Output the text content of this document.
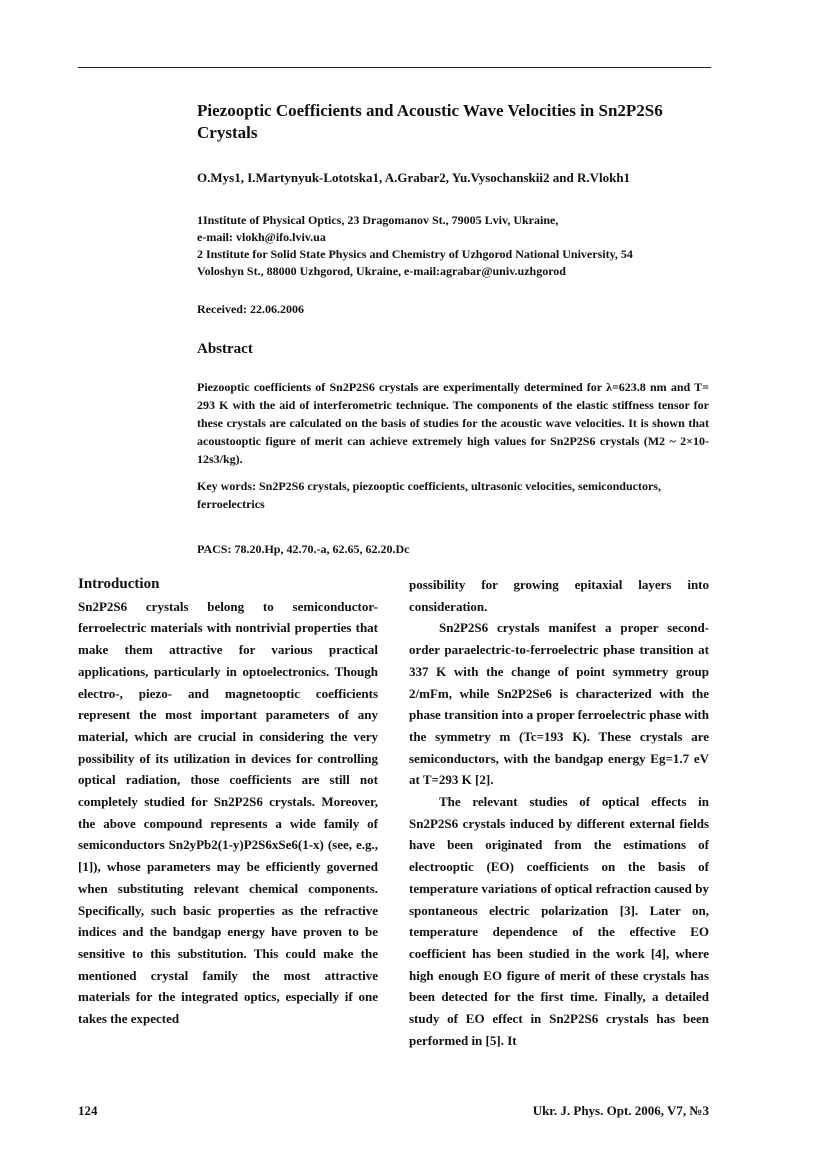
Piezooptic Coefficients and Acoustic Wave Velocities in Sn2P2S6 Crystals
O.Mys1, I.Martynyuk-Lototska1, A.Grabar2, Yu.Vysochanskii2 and R.Vlokh1
1Institute of Physical Optics, 23 Dragomanov St., 79005 Lviv, Ukraine,
e-mail: vlokh@ifo.lviv.ua
2 Institute for Solid State Physics and Chemistry of Uzhgorod National University, 54
Voloshyn St., 88000 Uzhgorod, Ukraine, e-mail:agrabar@univ.uzhgorod
Received: 22.06.2006
Abstract

Piezooptic coefficients of Sn2P2S6 crystals are experimentally determined for λ=623.8 nm and T= 293 K with the aid of interferometric technique. The components of the elastic stiffness tensor for these crystals are calculated on the basis of studies for the acoustic wave velocities. It is shown that acoustooptic figure of merit can achieve extremely high values for Sn2P2S6 crystals (M2 ~ 2×10-12s3/kg).

Key words: Sn2P2S6 crystals, piezooptic coefficients, ultrasonic velocities, semiconductors, ferroelectrics
PACS: 78.20.Hp, 42.70.-a, 62.65, 62.20.Dc
Introduction

Sn2P2S6 crystals belong to semiconductor-ferroelectric materials with nontrivial properties that make them attractive for various practical applications, particularly in optoelectronics. Though electro-, piezo- and magnetooptic coefficients represent the most important parameters of any material, which are crucial in considering the very possibility of its utilization in devices for controlling optical radiation, those coefficients are still not completely studied for Sn2P2S6 crystals. Moreover, the above compound represents a wide family of semiconductors Sn2yPb2(1-y)P2S6xSe6(1-x) (see, e.g., [1]), whose parameters may be efficiently governed when substituting relevant chemical components. Specifically, such basic properties as the refractive indices and the bandgap energy have proven to be sensitive to this substitution. This could make the mentioned crystal family the most attractive materials for the integrated optics, especially if one takes the expected

possibility for growing epitaxial layers into consideration.

Sn2P2S6 crystals manifest a proper second-order paraelectric-to-ferroelectric phase transition at 337 K with the change of point symmetry group 2/mFm, while Sn2P2Se6 is characterized with the phase transition into a proper ferroelectric phase with the symmetry m (Tc=193 K). These crystals are semiconductors, with the bandgap energy Eg=1.7 eV at T=293 K [2].

The relevant studies of optical effects in Sn2P2S6 crystals induced by different external fields have been originated from the estimations of electrooptic (EO) coefficients on the basis of temperature variations of optical refraction caused by spontaneous electric polarization [3]. Later on, temperature dependence of the effective EO coefficient has been studied in the work [4], where high enough EO figure of merit of these crystals has been detected for the first time. Finally, a detailed study of EO effect in Sn2P2S6 crystals has been performed in [5]. It

124	Ukr. J. Phys. Opt. 2006, V7, №3
